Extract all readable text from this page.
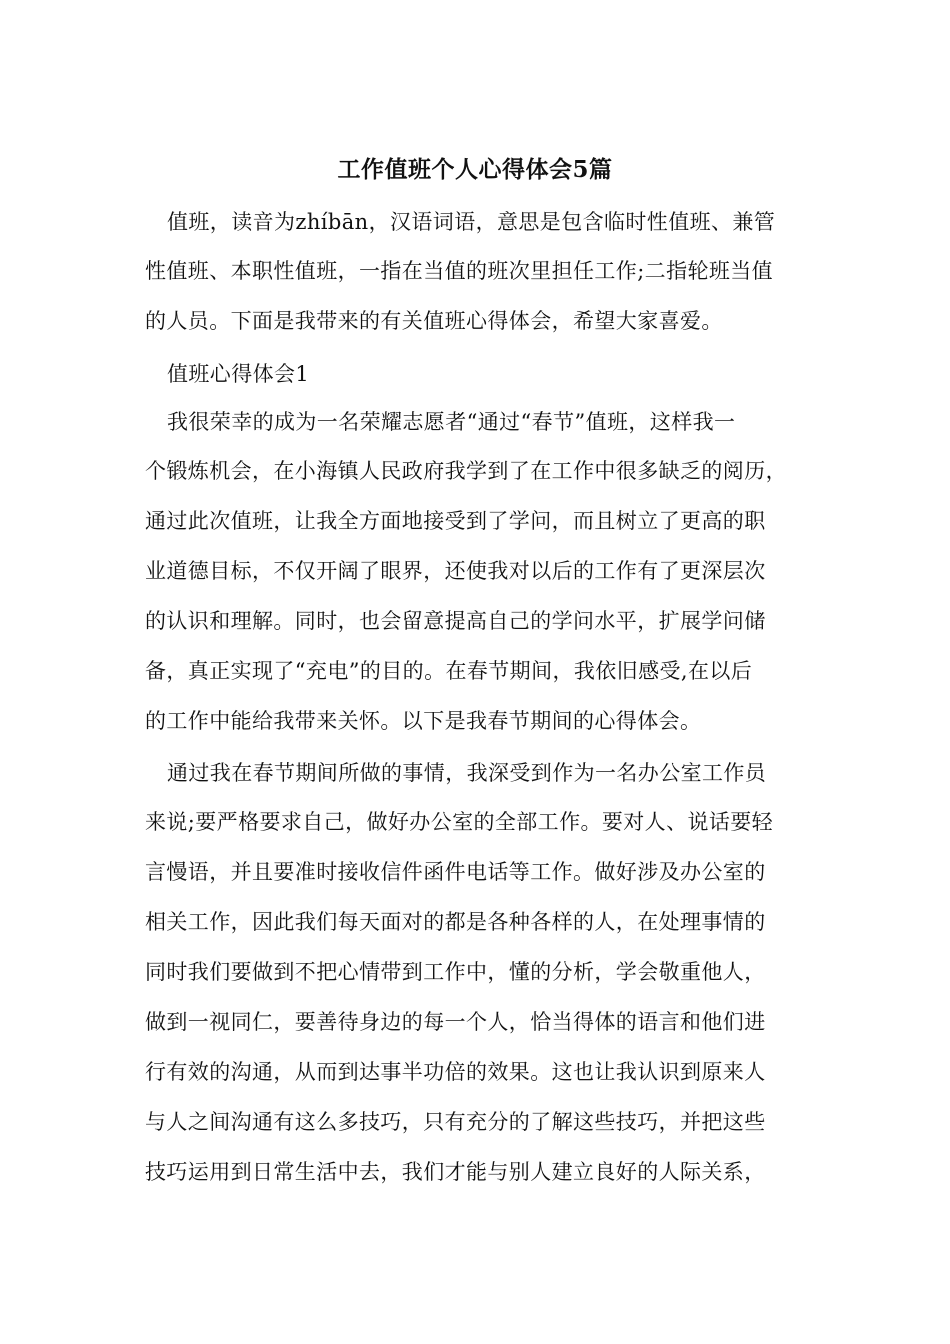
工作值班个人心得体会5篇
值班，读音为zhíbān，汉语词语，意思是包含临时性值班、兼管
性值班、本职性值班，一指在当值的班次里担任工作;二指轮班当值
的人员。下面是我带来的有关值班心得体会，希望大家喜爱。
值班心得体会1
我很荣幸的成为一名荣耀志愿者“通过“春节”值班，这样我一
个锻炼机会，在小海镇人民政府我学到了在工作中很多缺乏的阅历，
通过此次值班，让我全方面地接受到了学问，而且树立了更高的职
业道德目标，不仅开阔了眼界，还使我对以后的工作有了更深层次
的认识和理解。同时，也会留意提高自己的学问水平，扩展学问储
备，真正实现了“充电”的目的。在春节期间，我依旧感受,在以后
的工作中能给我带来关怀。以下是我春节期间的心得体会。
通过我在春节期间所做的事情，我深受到作为一名办公室工作员
来说;要严格要求自己，做好办公室的全部工作。要对人、说话要轻
言慢语，并且要准时接收信件函件电话等工作。做好涉及办公室的
相关工作，因此我们每天面对的都是各种各样的人，在处理事情的
同时我们要做到不把心情带到工作中，懂的分析，学会敬重他人，
做到一视同仁，要善待身边的每一个人，恰当得体的语言和他们进
行有效的沟通，从而到达事半功倍的效果。这也让我认识到原来人
与人之间沟通有这么多技巧，只有充分的了解这些技巧，并把这些
技巧运用到日常生活中去，我们才能与别人建立良好的人际关系，
